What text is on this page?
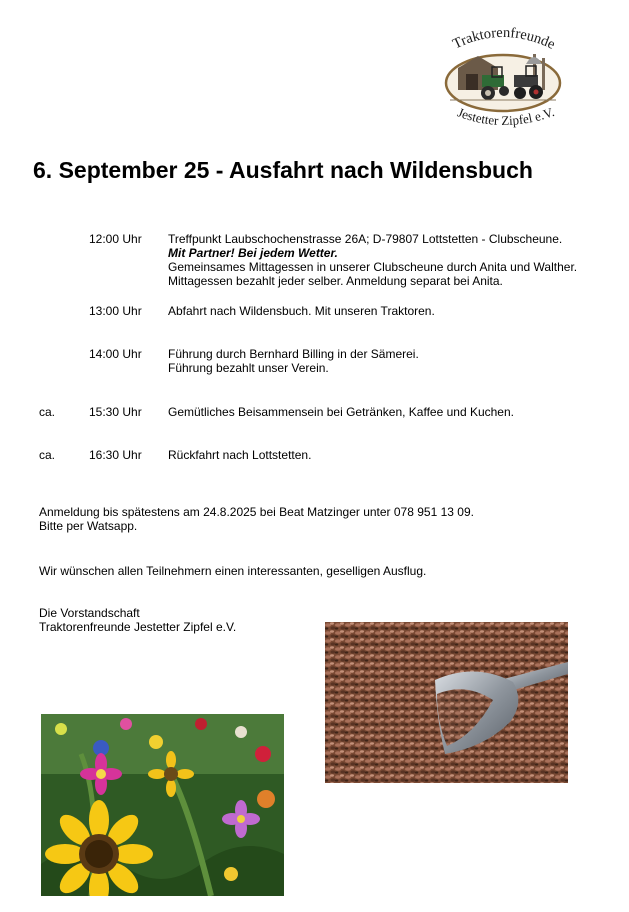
Traktorenfreunde
Jestetter Zipfel e.V.
6. September 25 - Ausfahrt nach Wildensbuch
12:00 Uhr Treffpunkt Laubschochenstrasse 26A; D-79807 Lottstetten - Clubscheune.
Mit Partner! Bei jedem Wetter.
Gemeinsames Mittagessen in unserer Clubscheune durch Anita und Walther.
Mittagessen bezahlt jeder selber. Anmeldung separat bei Anita.
13:00 Uhr Abfahrt nach Wildensbuch. Mit unseren Traktoren.
14:00 Uhr Führung durch Bernhard Billing in der Sämerei.
Führung bezahlt unser Verein.
ca.	15:30 Uhr Gemütliches Beisammensein bei Getränken, Kaffee und Kuchen.
ca.	16:30 Uhr Rückfahrt nach Lottstetten.
Anmeldung bis spätestens am 24.8.2025 bei Beat Matzinger unter 078 951 13 09.
Bitte per Watsapp.
Wir wünschen allen Teilnehmern einen interessanten, geselligen Ausflug.
Die Vorstandschaft
Traktorenfreunde Jestetter Zipfel e.V.
